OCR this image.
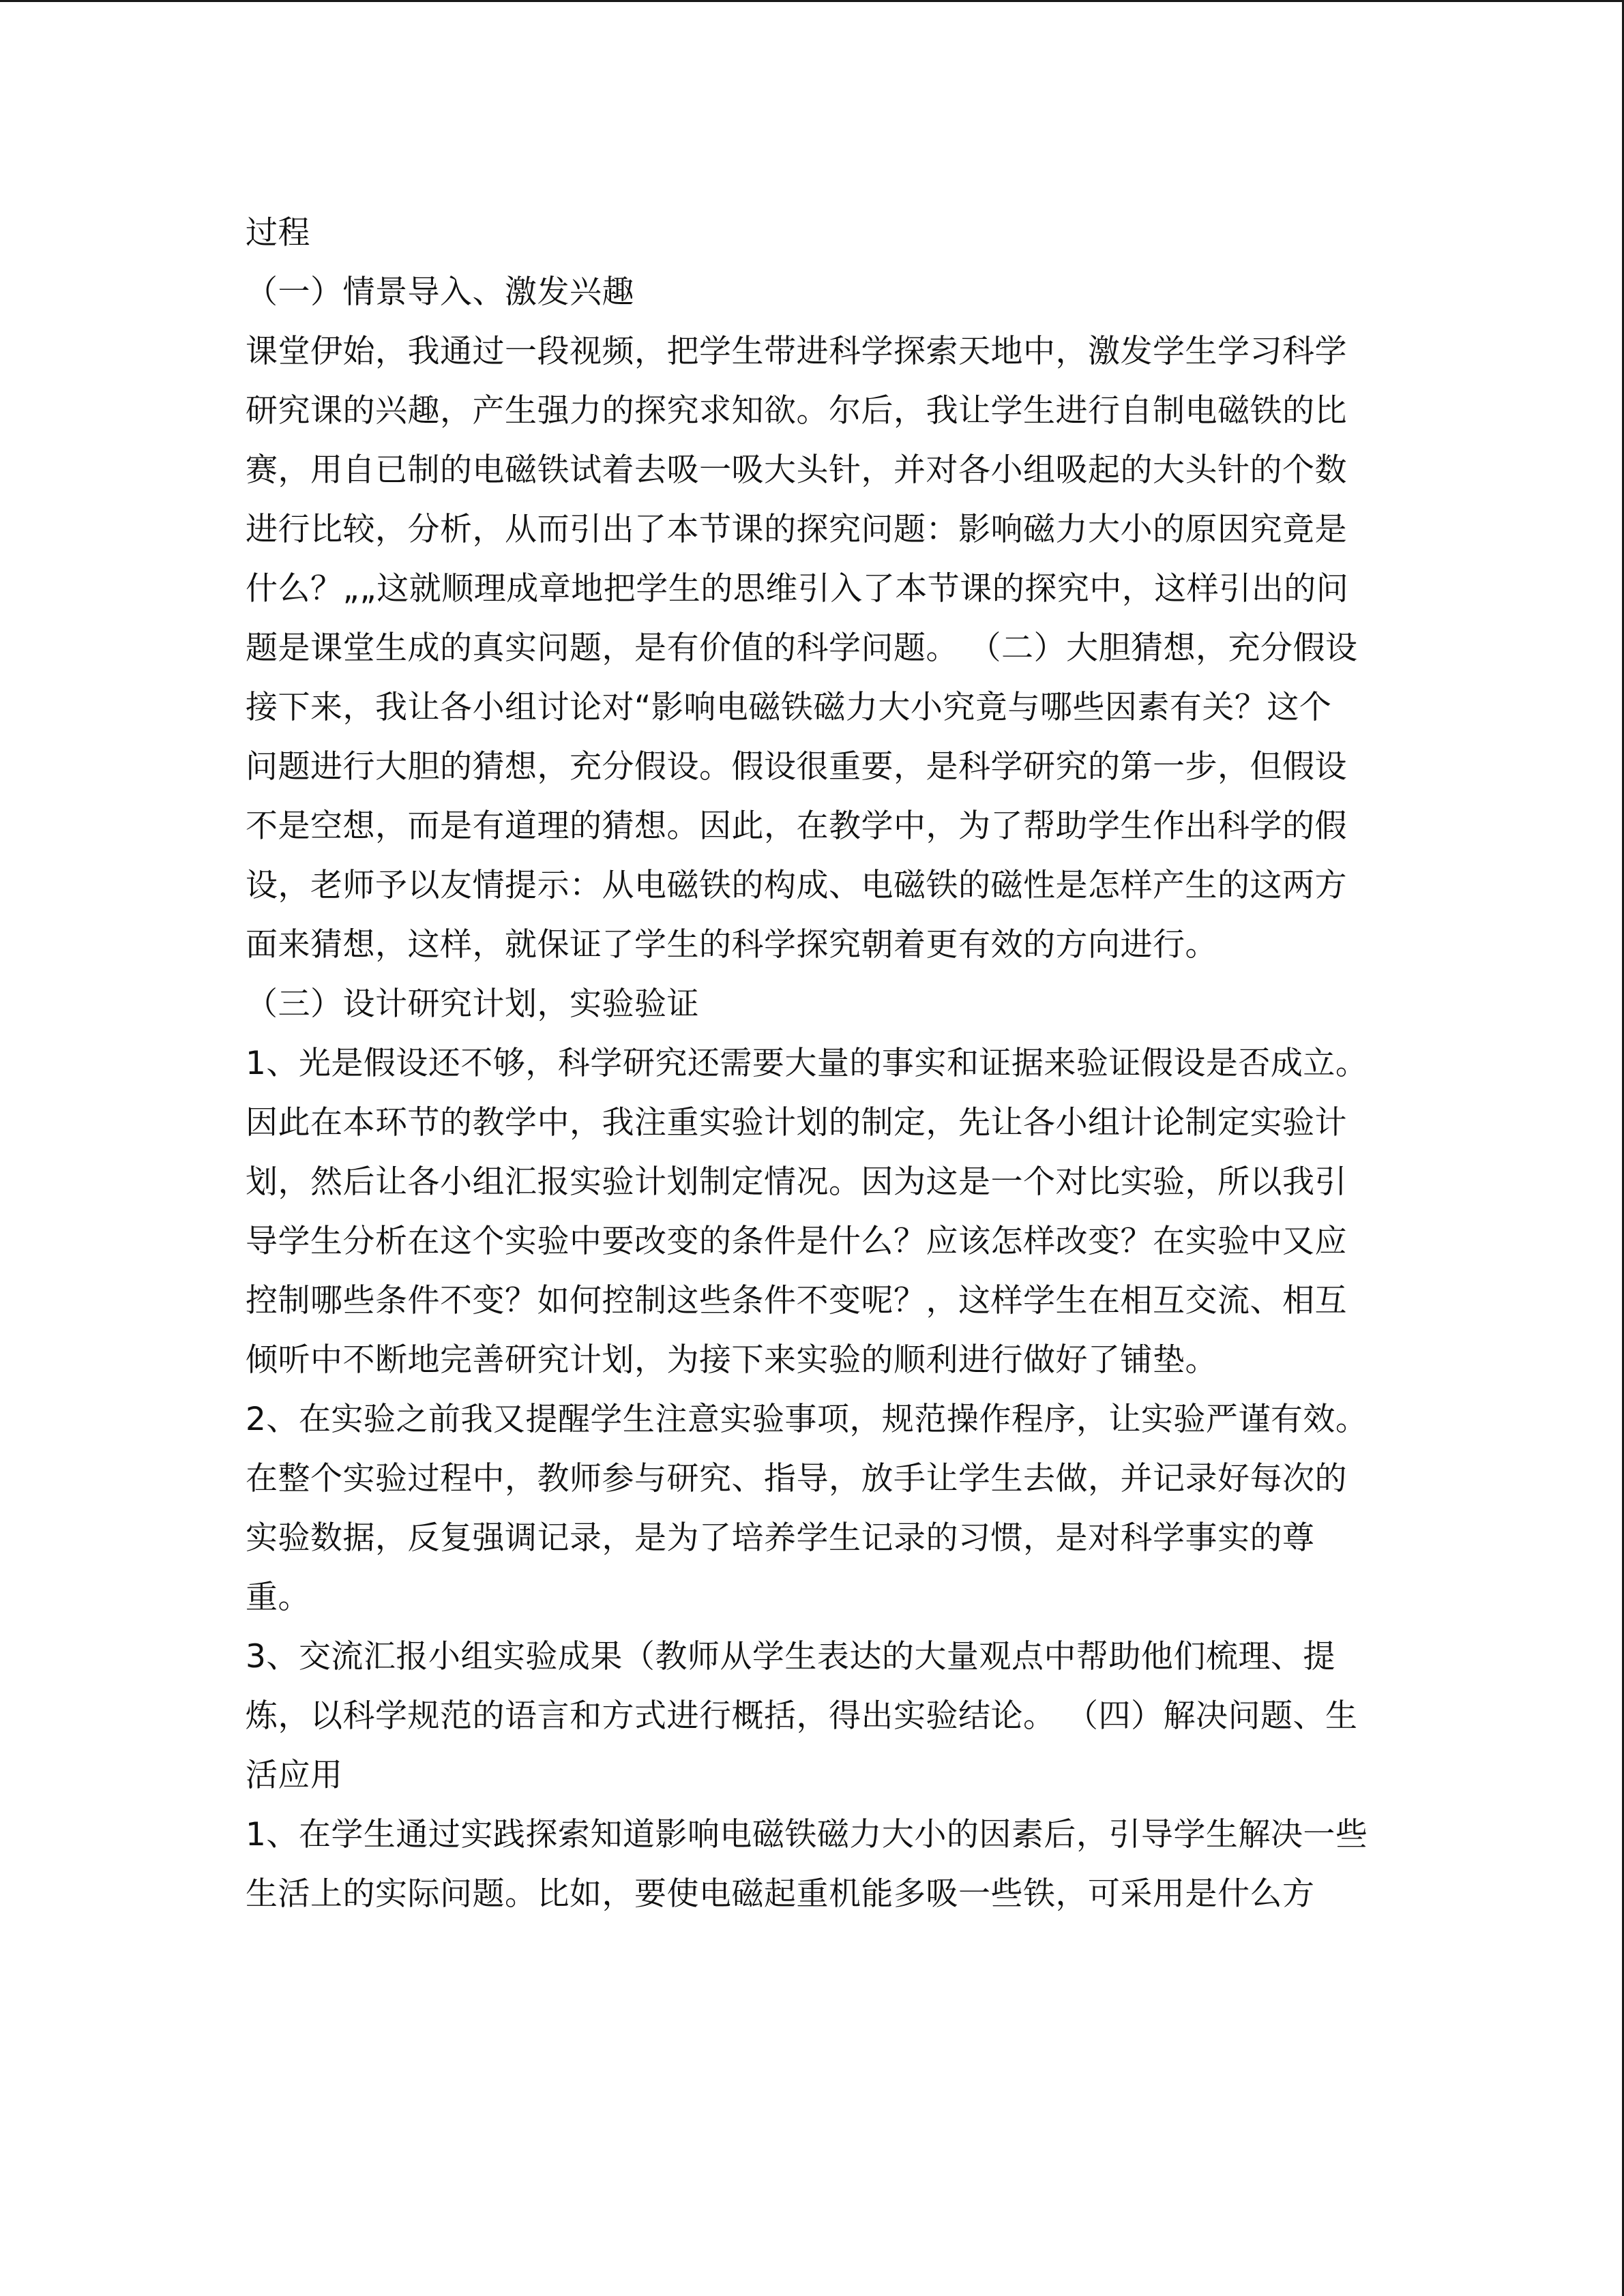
过程
（一）情景导入、激发兴趣
课堂伊始，我通过一段视频，把学生带进科学探索天地中，激发学生学习科学
研究课的兴趣，产生强力的探究求知欲。尔后，我让学生进行自制电磁铁的比
赛，用自已制的电磁铁试着去吸一吸大头针，并对各小组吸起的大头针的个数
进行比较，分析，从而引出了本节课的探究问题：影响磁力大小的原因究竟是
什么？„„这就顺理成章地把学生的思维引入了本节课的探究中，这样引出的问
题是课堂生成的真实问题，是有价值的科学问题。 （二）大胆猜想，充分假设
接下来，我让各小组讨论对“影响电磁铁磁力大小究竟与哪些因素有关？这个
问题进行大胆的猜想，充分假设。假设很重要，是科学研究的第一步，但假设
不是空想，而是有道理的猜想。因此，在教学中，为了帮助学生作出科学的假
设，老师予以友情提示：从电磁铁的构成、电磁铁的磁性是怎样产生的这两方
面来猜想，这样，就保证了学生的科学探究朝着更有效的方向进行。
（三）设计研究计划，实验验证
1、光是假设还不够，科学研究还需要大量的事实和证据来验证假设是否成立。
因此在本环节的教学中，我注重实验计划的制定，先让各小组计论制定实验计
划，然后让各小组汇报实验计划制定情况。因为这是一个对比实验，所以我引
导学生分析在这个实验中要改变的条件是什么？应该怎样改变？在实验中又应
控制哪些条件不变？如何控制这些条件不变呢？，这样学生在相互交流、相互
倾听中不断地完善研究计划，为接下来实验的顺利进行做好了铺垫。
2、在实验之前我又提醒学生注意实验事项，规范操作程序，让实验严谨有效。
在整个实验过程中，教师参与研究、指导，放手让学生去做，并记录好每次的
实验数据，反复强调记录，是为了培养学生记录的习惯，是对科学事实的尊
重。
3、交流汇报小组实验成果（教师从学生表达的大量观点中帮助他们梳理、提
炼，以科学规范的语言和方式进行概括，得出实验结论。 （四）解决问题、生
活应用
1、在学生通过实践探索知道影响电磁铁磁力大小的因素后，引导学生解决一些
生活上的实际问题。比如，要使电磁起重机能多吸一些铁，可采用是什么方
